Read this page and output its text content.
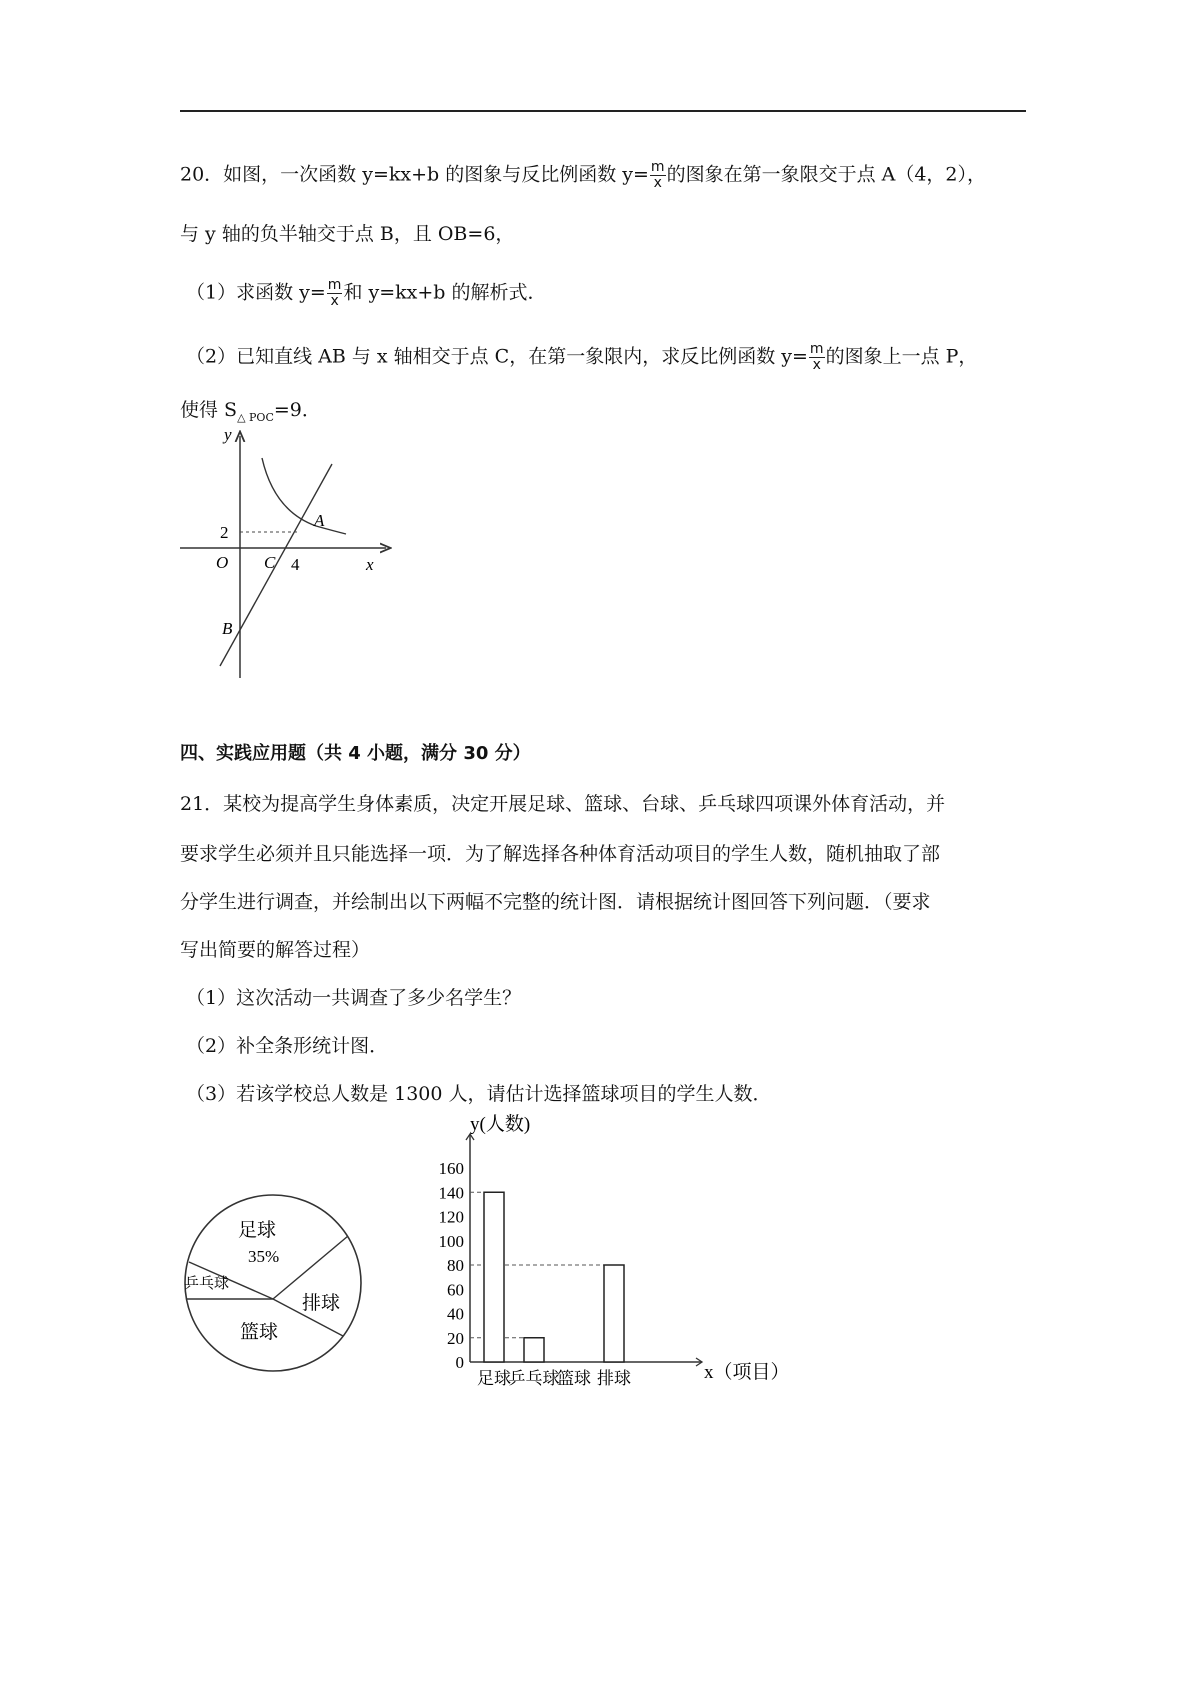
20．如图，一次函数 y=kx+b 的图象与反比例函数 $y= \frac{m}{x}$ 的图象在第一象限交于点 A（4，2），
与 y 轴的负半轴交于点 B，且 OB=6，
（1）求函数 $y= \frac{m}{x}$ 和 y=kx+b 的解析式．
（2）已知直线 AB 与 x 轴相交于点 C，在第一象限内，求反比例函数 $y= \frac{m}{x}$ 的图象上一点 P，
使得 $S_{\triangle POC}=9$．
y
x
O C 4
2
A
B
四、实践应用题（共 4 小题，满分 30 分）
21．某校为提高学生身体素质，决定开展足球、篮球、台球、乒乓球四项课外体育活动，并
要求学生必须并且只能选择一项．为了解选择各种体育活动项目的学生人数，随机抽取了部
分学生进行调查，并绘制出以下两幅不完整的统计图．请根据统计图回答下列问题．（要求
写出简要的解答过程）
（1）这次活动一共调查了多少名学生？
（2）补全条形统计图．
（3）若该学校总人数是 1300 人，请估计选择篮球项目的学生人数．
足球
35%
乒乓球
排球
篮球
0
20
40
60
80
100
120
140
160
足球
乒乓球
篮球 排球
y(人数)
x（项目）
